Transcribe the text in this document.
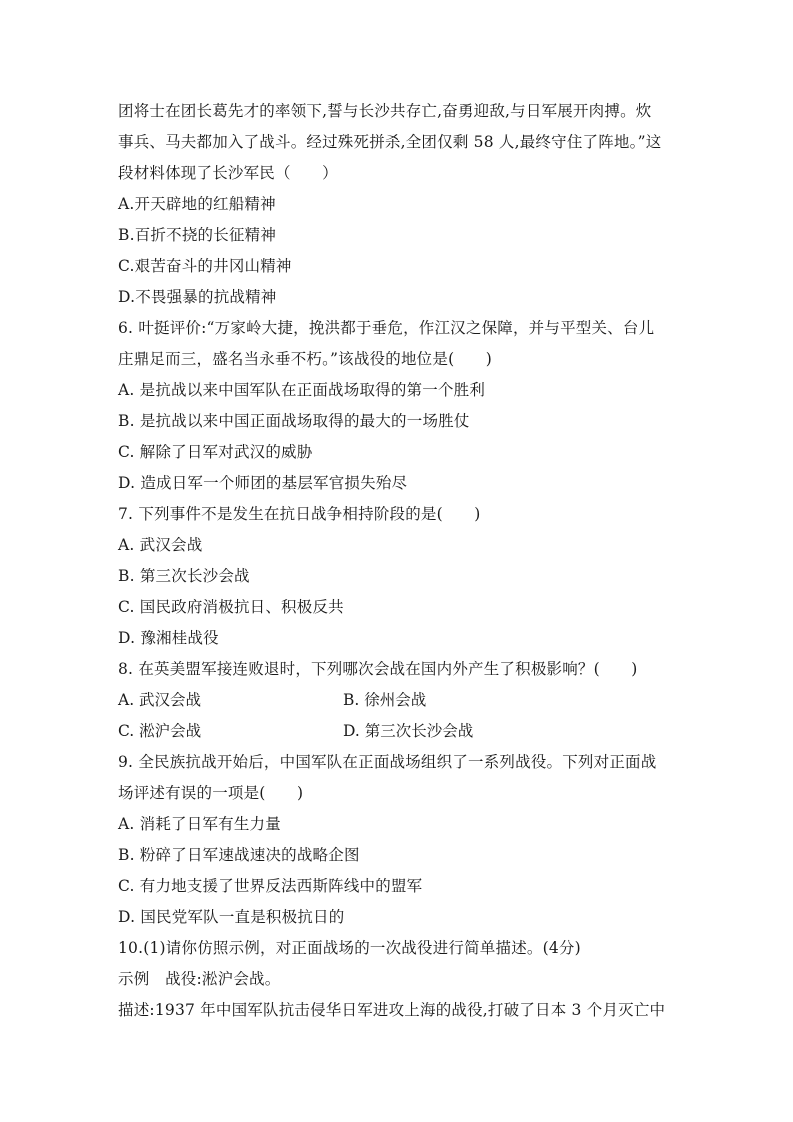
团将士在团长葛先才的率领下,誓与长沙共存亡,奋勇迎敌,与日军展开肉搏。炊
事兵、马夫都加入了战斗。经过殊死拼杀,全团仅剩 58 人,最终守住了阵地。”这
段材料体现了长沙军民（　　）
A.开天辟地的红船精神
B.百折不挠的长征精神
C.艰苦奋斗的井冈山精神
D.不畏强暴的抗战精神
6. 叶挺评价:“万家岭大捷，挽洪都于垂危，作江汉之保障，并与平型关、台儿
庄鼎足而三，盛名当永垂不朽。”该战役的地位是(　　)
A. 是抗战以来中国军队在正面战场取得的第一个胜利
B. 是抗战以来中国正面战场取得的最大的一场胜仗
C. 解除了日军对武汉的威胁
D. 造成日军一个师团的基层军官损失殆尽
7. 下列事件不是发生在抗日战争相持阶段的是(　　)
A. 武汉会战
B. 第三次长沙会战
C. 国民政府消极抗日、积极反共
D. 豫湘桂战役
8. 在英美盟军接连败退时，下列哪次会战在国内外产生了积极影响？(　　)
A. 武汉会战	B. 徐州会战
C. 淞沪会战	D. 第三次长沙会战
9. 全民族抗战开始后，中国军队在正面战场组织了一系列战役。下列对正面战
场评述有误的一项是(　　)
A. 消耗了日军有生力量
B. 粉碎了日军速战速决的战略企图
C. 有力地支援了世界反法西斯阵线中的盟军
D. 国民党军队一直是积极抗日的
10.(1)请你仿照示例，对正面战场的一次战役进行简单描述。(4分)
示例　战役:淞沪会战。
描述:1937 年中国军队抗击侵华日军进攻上海的战役,打破了日本 3 个月灭亡中
